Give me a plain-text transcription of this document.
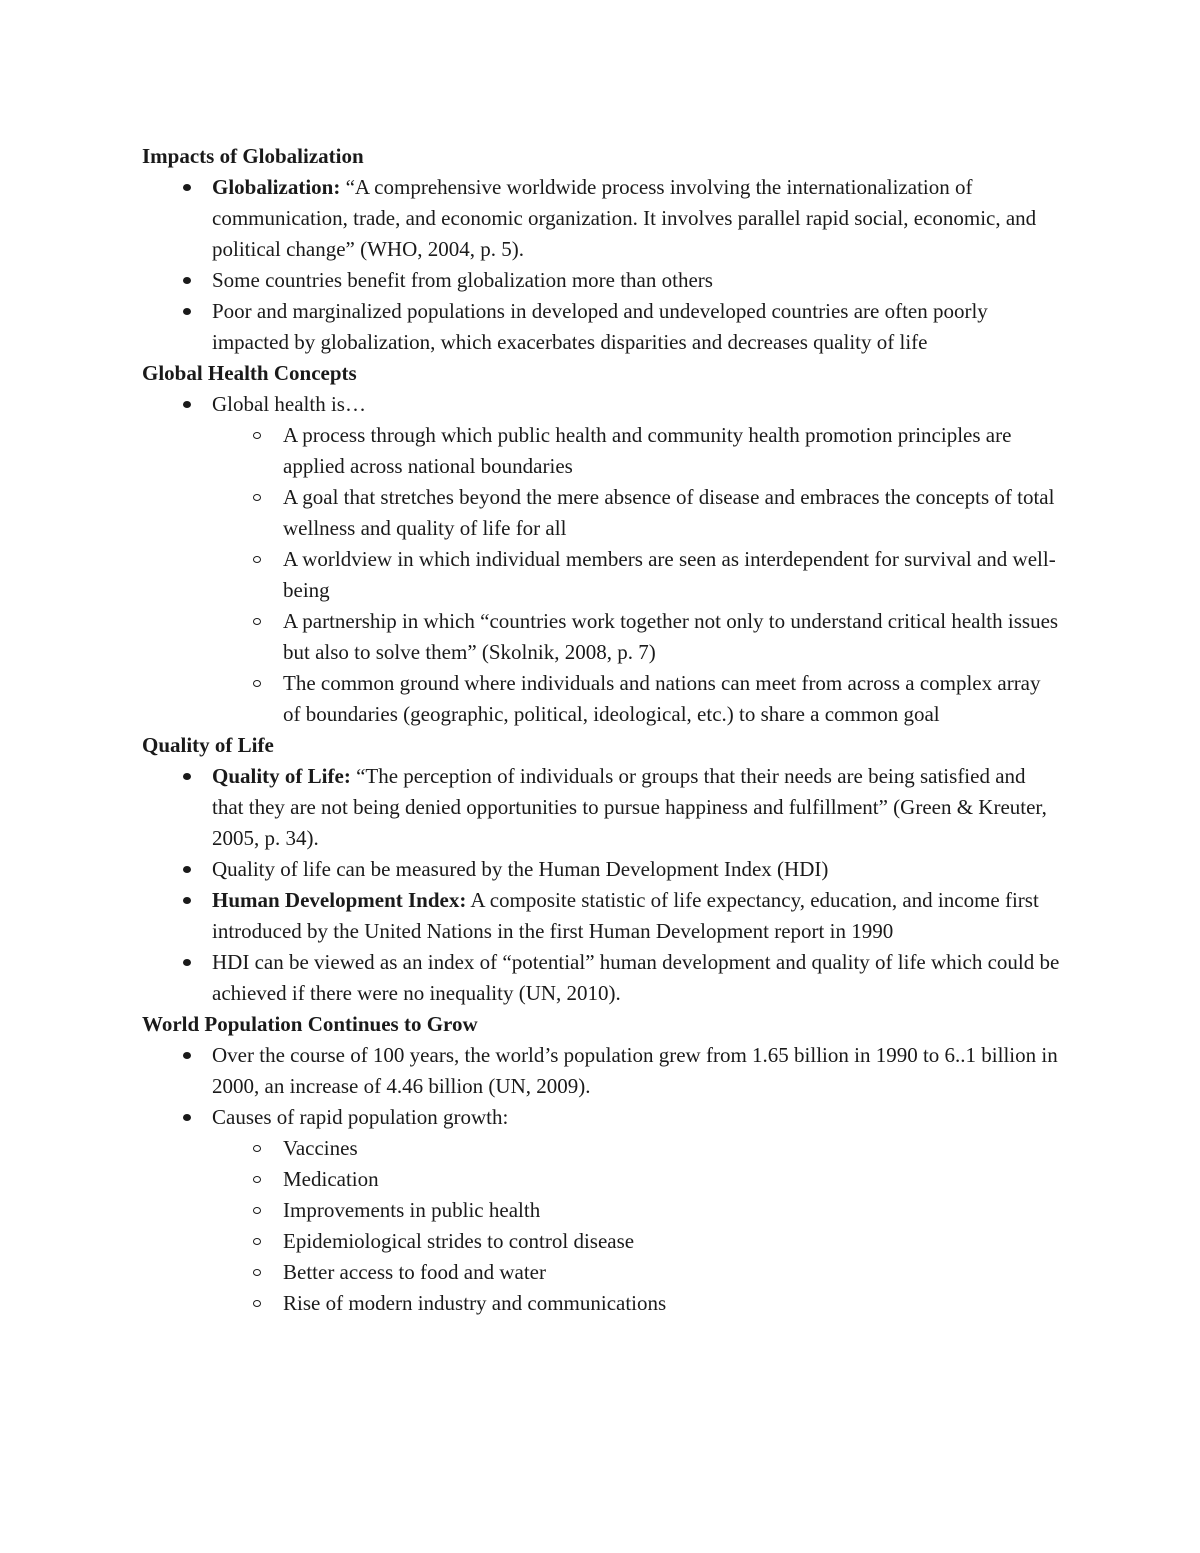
Impacts of Globalization
Globalization: “A comprehensive worldwide process involving the internationalization of communication, trade, and economic organization. It involves parallel rapid social, economic, and political change” (WHO, 2004, p. 5).
Some countries benefit from globalization more than others
Poor and marginalized populations in developed and undeveloped countries are often poorly impacted by globalization, which exacerbates disparities and decreases quality of life
Global Health Concepts
Global health is…
A process through which public health and community health promotion principles are applied across national boundaries
A goal that stretches beyond the mere absence of disease and embraces the concepts of total wellness and quality of life for all
A worldview in which individual members are seen as interdependent for survival and well-being
A partnership in which “countries work together not only to understand critical health issues but also to solve them” (Skolnik, 2008, p. 7)
The common ground where individuals and nations can meet from across a complex array of boundaries (geographic, political, ideological, etc.) to share a common goal
Quality of Life
Quality of Life: “The perception of individuals or groups that their needs are being satisfied and that they are not being denied opportunities to pursue happiness and fulfillment” (Green & Kreuter, 2005, p. 34).
Quality of life can be measured by the Human Development Index (HDI)
Human Development Index: A composite statistic of life expectancy, education, and income first introduced by the United Nations in the first Human Development report in 1990
HDI can be viewed as an index of “potential” human development and quality of life which could be achieved if there were no inequality (UN, 2010).
World Population Continues to Grow
Over the course of 100 years, the world’s population grew from 1.65 billion in 1990 to 6..1 billion in 2000, an increase of 4.46 billion (UN, 2009).
Causes of rapid population growth:
Vaccines
Medication
Improvements in public health
Epidemiological strides to control disease
Better access to food and water
Rise of modern industry and communications
